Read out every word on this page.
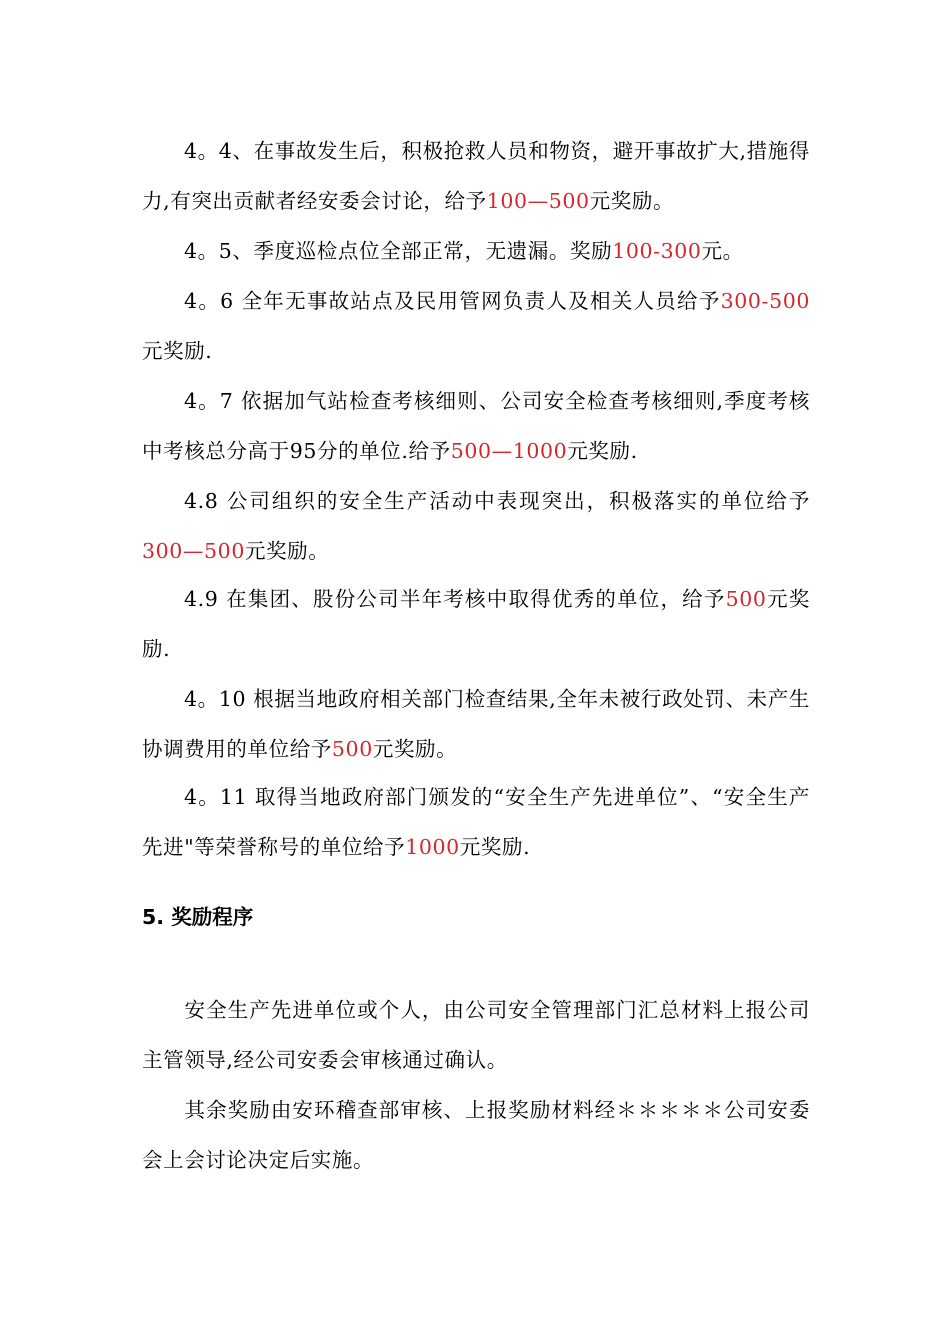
4。4、在事故发生后，积极抢救人员和物资，避开事故扩大,措施得力,有突出贡献者经安委会讨论，给予100—500元奖励。

4。5、季度巡检点位全部正常，无遗漏。奖励100-300元。

4。6 全年无事故站点及民用管网负责人及相关人员给予300-500元奖励.

4。7 依据加气站检查考核细则、公司安全检查考核细则,季度考核中考核总分高于95分的单位.给予500—1000元奖励.

4.8 公司组织的安全生产活动中表现突出，积极落实的单位给予300—500元奖励。

4.9 在集团、股份公司半年考核中取得优秀的单位，给予500元奖励.

4。10 根据当地政府相关部门检查结果,全年未被行政处罚、未产生协调费用的单位给予500元奖励。

4。11 取得当地政府部门颁发的“安全生产先进单位”、“安全生产先进"等荣誉称号的单位给予1000元奖励.

5. 奖励程序

安全生产先进单位或个人，由公司安全管理部门汇总材料上报公司主管领导,经公司安委会审核通过确认。

其余奖励由安环稽查部审核、上报奖励材料经＊＊＊＊＊公司安委会上会讨论决定后实施。
